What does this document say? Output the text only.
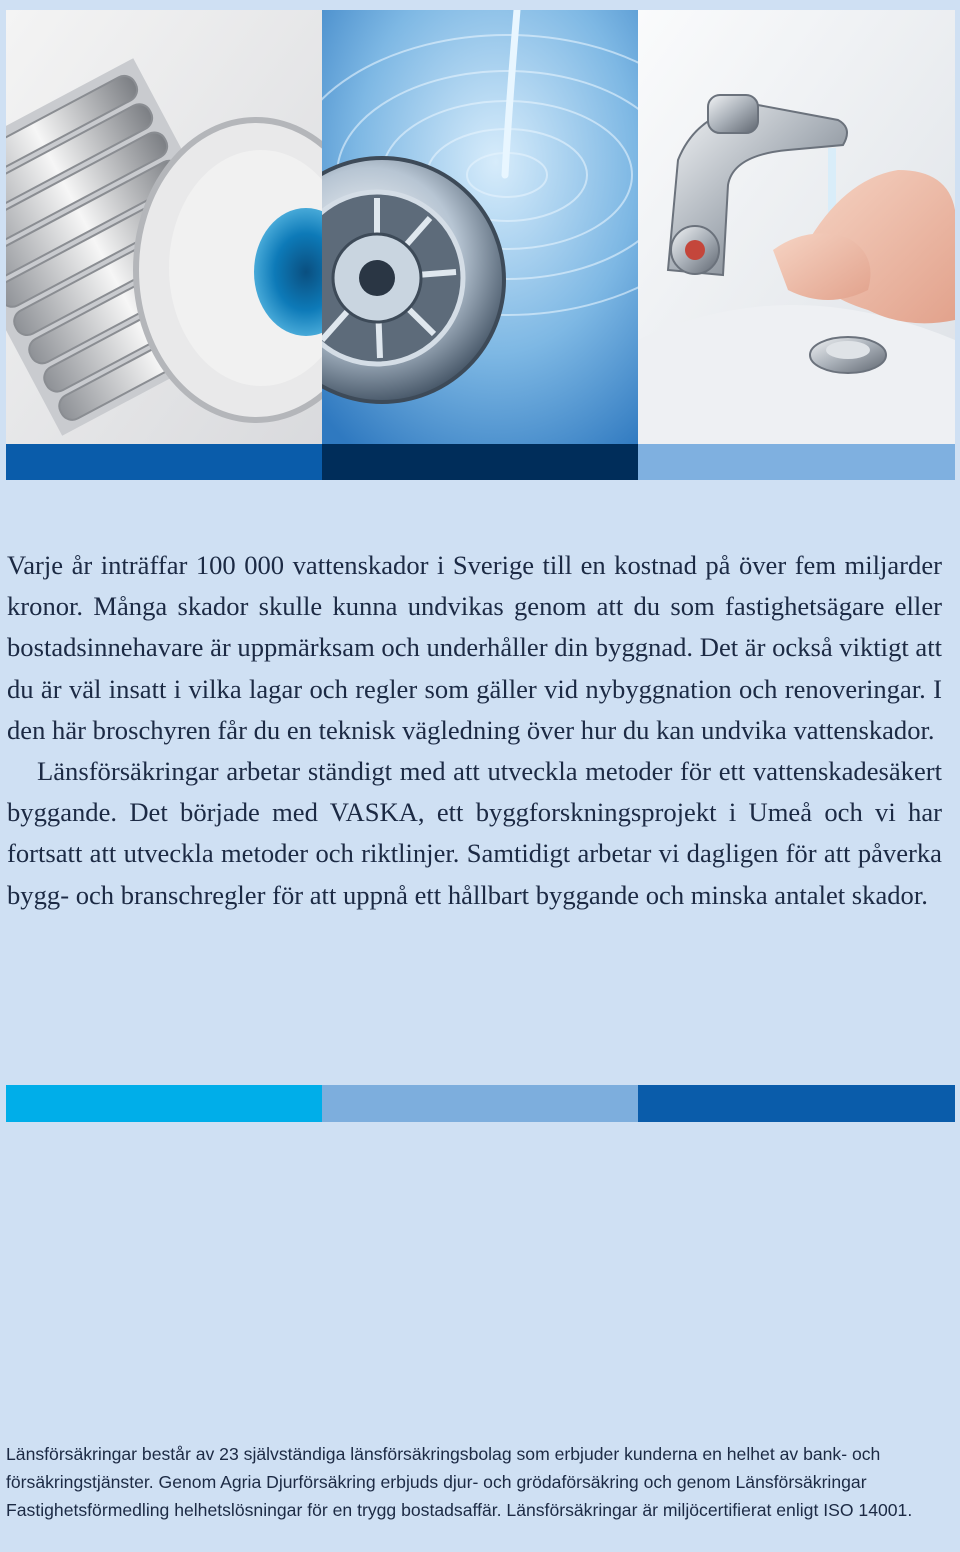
Varje år inträffar 100 000 vattenskador i Sverige till en kostnad på över fem miljarder kronor. Många skador skulle kunna undvikas genom att du som fastighetsägare eller bostadsinnehavare är uppmärksam och underhåller din byggnad. Det är också viktigt att du är väl insatt i vilka lagar och regler som gäller vid nybyggnation och renoveringar. I den här broschyren får du en teknisk vägledning över hur du kan undvika vattenskador.

Länsförsäkringar arbetar ständigt med att utveckla metoder för ett vattenskadesäkert byggande. Det började med VASKA, ett byggforskningsprojekt i Umeå och vi har fortsatt att utveckla metoder och riktlinjer. Samtidigt arbetar vi dagligen för att påverka bygg- och branschregler för att uppnå ett hållbart byggande och minska antalet skador.

Länsförsäkringar består av 23 självständiga länsförsäkringsbolag som erbjuder kunderna en helhet av bank- och försäkringstjänster. Genom Agria Djurförsäkring erbjuds djur- och grödaförsäkring och genom Länsförsäkringar Fastighetsförmedling helhetslösningar för en trygg bostadsaffär. Länsförsäkringar är miljöcertifierat enligt ISO 14001.
